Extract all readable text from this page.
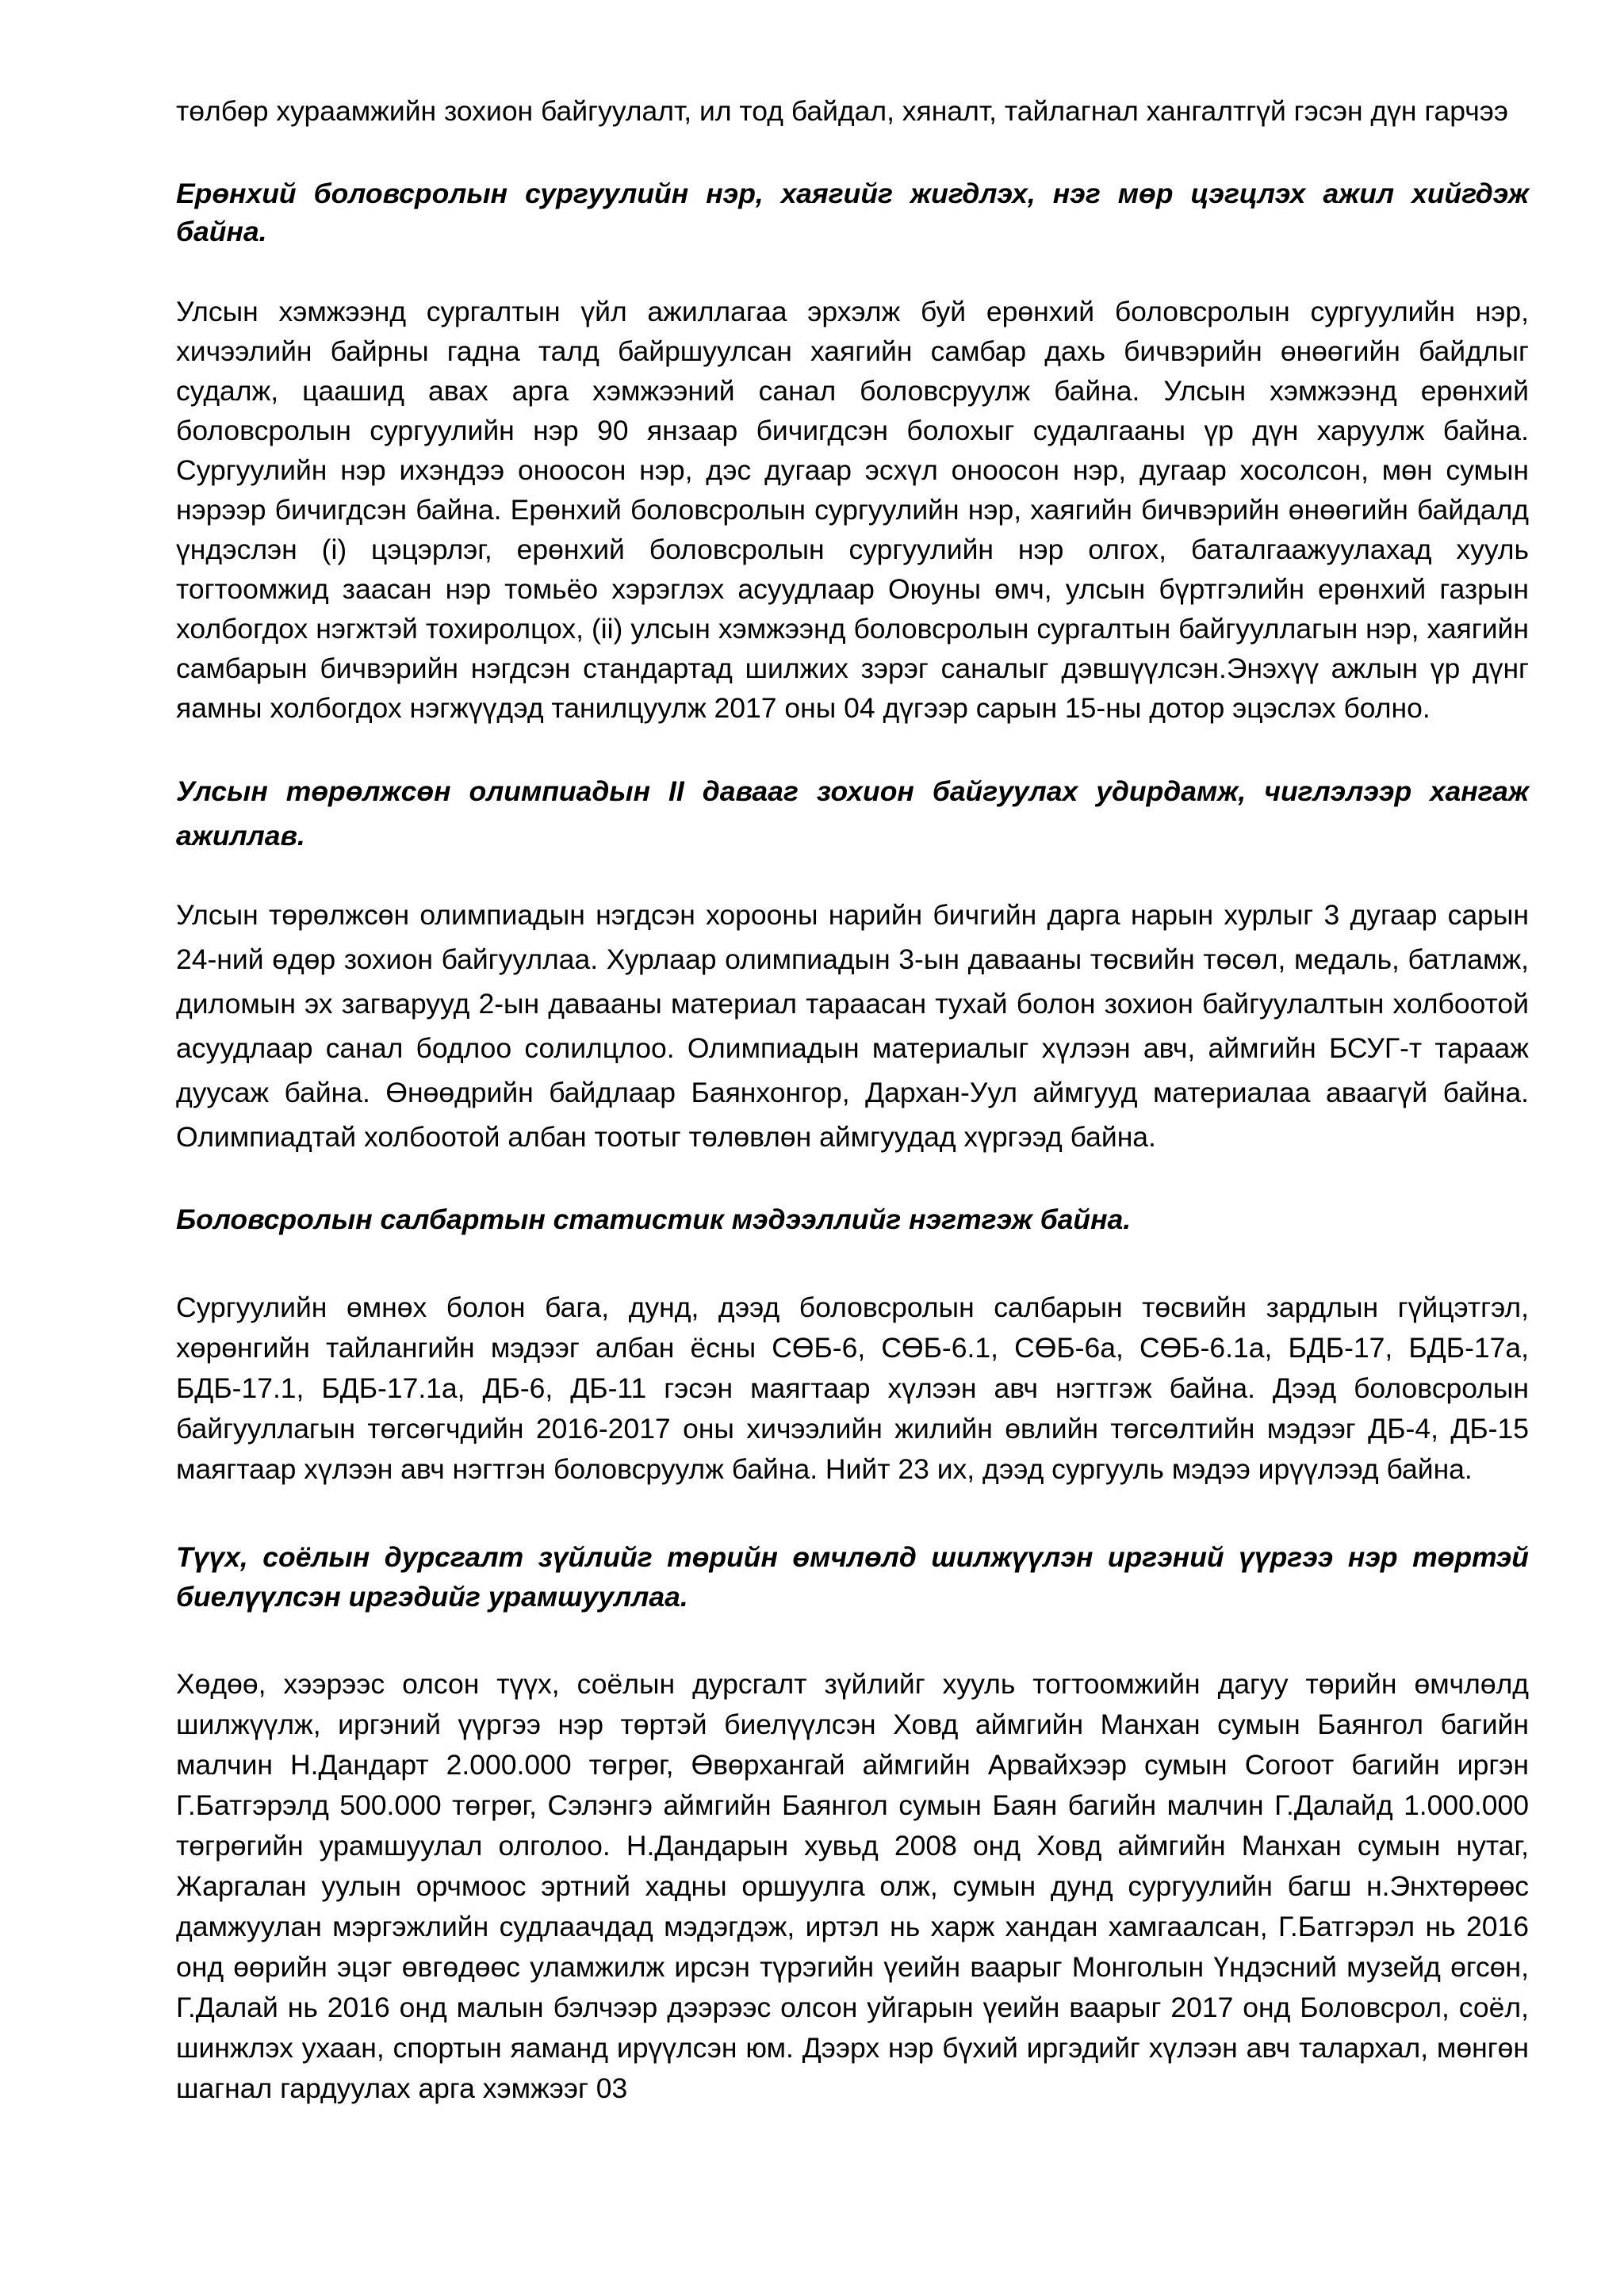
төлбөр хураамжийн зохион байгуулалт, ил тод байдал, хяналт, тайлагнал хангалтгүй гэсэн дүн гарчээ

Ерөнхий боловсролын сургуулийн нэр, хаягийг жигдлэх, нэг мөр цэгцлэх ажил хийгдэж байна.

Улсын хэмжээнд сургалтын үйл ажиллагаа эрхэлж буй ерөнхий боловсролын сургуулийн нэр, хичээлийн байрны гадна талд байршуулсан хаягийн самбар дахь бичвэрийн өнөөгийн байдлыг судалж, цаашид авах арга хэмжээний санал боловсруулж байна. Улсын хэмжээнд ерөнхий боловсролын сургуулийн нэр 90 янзаар бичигдсэн болохыг судалгааны үр дүн харуулж байна. Сургуулийн нэр ихэндээ оноосон нэр, дэс дугаар эсхүл оноосон нэр, дугаар хосолсон, мөн сумын нэрээр бичигдсэн байна. Ерөнхий боловсролын сургуулийн нэр, хаягийн бичвэрийн өнөөгийн байдалд үндэслэн (i) цэцэрлэг, ерөнхий боловсролын сургуулийн нэр олгох, баталгаажуулахад хууль тогтоомжид заасан нэр томьёо хэрэглэх асуудлаар Оюуны өмч, улсын бүртгэлийн ерөнхий газрын холбогдох нэгжтэй тохиролцох, (ii) улсын хэмжээнд боловсролын сургалтын байгууллагын нэр, хаягийн самбарын бичвэрийн нэгдсэн стандартад шилжих зэрэг саналыг дэвшүүлсэн.Энэхүү ажлын үр дүнг яамны холбогдох нэгжүүдэд танилцуулж 2017 оны 04 дүгээр сарын 15-ны дотор эцэслэх болно.

Улсын төрөлжсөн олимпиадын II давааг зохион байгуулах удирдамж, чиглэлээр хангаж ажиллав.

Улсын төрөлжсөн олимпиадын нэгдсэн хорооны нарийн бичгийн дарга нарын хурлыг 3 дугаар сарын 24-ний өдөр зохион байгууллаа. Хурлаар олимпиадын 3-ын давааны төсвийн төсөл, медаль, батламж, диломын эх загварууд 2-ын давааны материал тараасан тухай болон зохион байгуулалтын холбоотой асуудлаар санал бодлоо солилцлоо. Олимпиадын материалыг хүлээн авч, аймгийн БСУГ-т тарааж дуусаж байна. Өнөөдрийн байдлаар Баянхонгор, Дархан-Уул аймгууд материалаа аваагүй байна. Олимпиадтай холбоотой албан тоотыг төлөвлөн аймгуудад хүргээд байна.

Боловсролын салбартын статистик мэдээллийг нэгтгэж байна.

Сургуулийн өмнөх болон бага, дунд, дээд боловсролын салбарын төсвийн зардлын гүйцэтгэл, хөрөнгийн тайлангийн мэдээг албан ёсны СӨБ-6, СӨБ-6.1, СӨБ-6а, СӨБ-6.1а, БДБ-17, БДБ-17а, БДБ-17.1, БДБ-17.1а, ДБ-6, ДБ-11 гэсэн маягтаар хүлээн авч нэгтгэж байна. Дээд боловсролын байгууллагын төгсөгчдийн 2016-2017 оны хичээлийн жилийн өвлийн төгсөлтийн мэдээг ДБ-4, ДБ-15 маягтаар хүлээн авч нэгтгэн боловсруулж байна. Нийт 23 их, дээд сургууль мэдээ ирүүлээд байна.

Түүх, соёлын дурсгалт зүйлийг төрийн өмчлөлд шилжүүлэн иргэний үүргээ нэр төртэй биелүүлсэн иргэдийг урамшууллаа.

Хөдөө, хээрээс олсон түүх, соёлын дурсгалт зүйлийг хууль тогтоомжийн дагуу төрийн өмчлөлд шилжүүлж, иргэний үүргээ нэр төртэй биелүүлсэн Ховд аймгийн Манхан сумын Баянгол багийн малчин Н.Дандарт 2.000.000 төгрөг, Өвөрхангай аймгийн Арвайхээр сумын Согоот багийн иргэн Г.Батгэрэлд 500.000 төгрөг, Сэлэнгэ аймгийн Баянгол сумын Баян багийн малчин Г.Далайд 1.000.000 төгрөгийн урамшуулал олголоо. Н.Дандарын хувьд 2008 онд Ховд аймгийн Манхан сумын нутаг, Жаргалан уулын орчмоос эртний хадны оршуулга олж, сумын дунд сургуулийн багш н.Энхтөрөөс дамжуулан мэргэжлийн судлаачдад мэдэгдэж, иртэл нь харж хандан хамгаалсан, Г.Батгэрэл нь 2016 онд өөрийн эцэг өвгөдөөс уламжилж ирсэн түрэгийн үеийн ваарыг Монголын Үндэсний музейд өгсөн, Г.Далай нь 2016 онд малын бэлчээр дээрээс олсон уйгарын үеийн ваарыг 2017 онд Боловсрол, соёл, шинжлэх ухаан, спортын яаманд ирүүлсэн юм. Дээрх нэр бүхий иргэдийг хүлээн авч талархал, мөнгөн шагнал гардуулах арга хэмжээг 03
